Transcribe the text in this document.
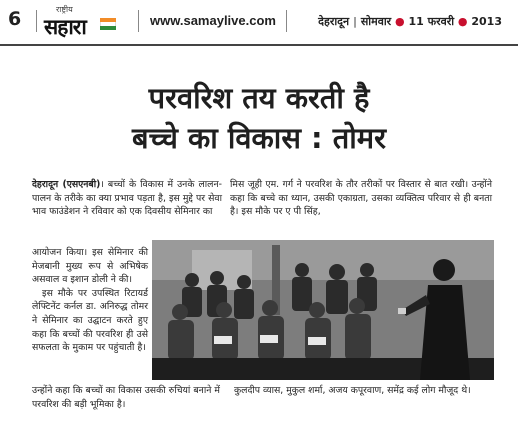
6	राष्ट्रीय
सहारा	www.samaylive.com	देहरादून | सोमवार ● 11 फरवरी ● 2013
परवरिश तय करती है
बच्चे का विकास : तोमर

देहरादून (एसएनबी)। बच्चों के विकास में उनके लालन-पालन के तरीके का क्या प्रभाव पड़ता है, इस मुद्दे पर सेवा भाव फाउंडेशन ने रविवार को एक दिवसीय सेमिनार का

आयोजन किया। इस सेमिनार की मेजबानी मुख्य रूप से अभिषेक असवाल व इशान डोली ने की।

इस मौके पर उपस्थित रिटायर्ड लेफ्टिनेंट कर्नल डा. अनिरुद्ध तोमर ने सेमिनार का उद्घाटन करते हुए कहा कि बच्चों की परवरिश ही उसे सफलता के मुकाम पर पहुंचाती है।

उन्होंने कहा कि बच्चों का विकास उसकी रुचियां बनाने में परवरिश की बड़ी भूमिका है।

मिस जूही एम. गर्ग ने परवरिश के तौर तरीकों पर विस्तार से बात रखी। उन्होंने कहा कि बच्चे का ध्यान, उसकी एकाग्रता, उसका व्यक्तित्व परिवार से ही बनता है। इस मौके पर ए पी सिंह,

कुलदीप व्यास, मुकुल शर्मा, अजय कपूरवाण, समेंद्र कई लोग मौजूद थे।
